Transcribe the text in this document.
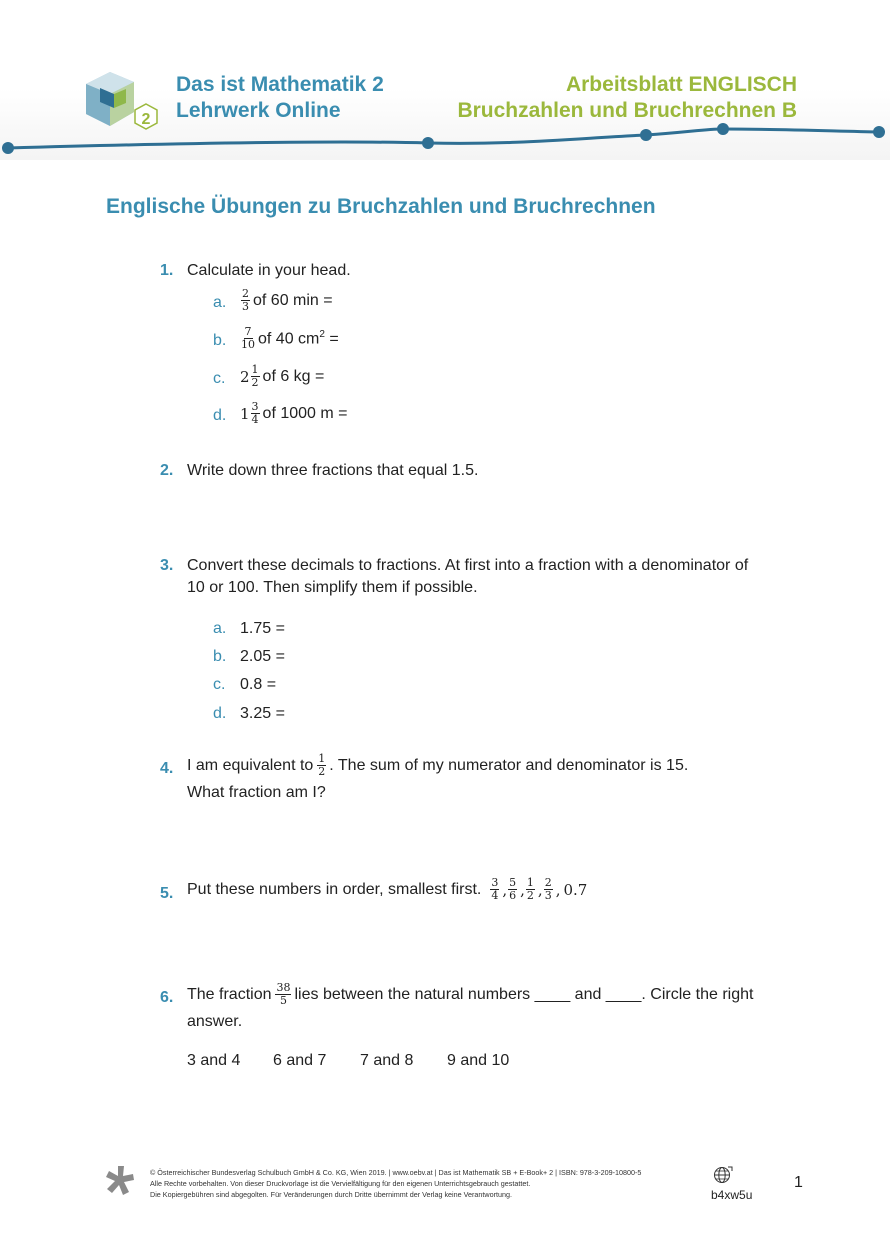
2
Das ist Mathematik 2
Lehrwerk Online
Arbeitsblatt ENGLISCH
Bruchzahlen und Bruchrechnen B
Englische Übungen zu Bruchzahlen und Bruchrechnen
1. Calculate in your head.
a. $\frac{2}{3}$ of 60 min =
b. $\frac{7}{10}$ of 40 $cm^2$ =
c. $2 \frac{1}{2}$ of 6 kg =
d. $1 \frac{3}{4}$ of 1000 m =
2. Write down three fractions that equal 1.5.
3. Convert these decimals to fractions. At first into a fraction with a denominator of
10 or 100. Then simplify them if possible.
a. 1.75 =
b. 2.05 =
c. 0.8 =
d. 3.25 =
4. I am equivalent to $\frac{1}{2}$ . The sum of my numerator and denominator is 15.
What fraction am I?
5. Put these numbers in order, smallest first. $\frac{3}{4}$ , $\frac{5}{6}$ , $\frac{1}{2}$ , $\frac{2}{3}$ , 0.7
6. The fraction $\frac{38}{5}$ lies between the natural numbers ____ and ____. Circle the right
answer.
3 and 4 6 and 7 7 and 8 9 and 10
© Österreichischer Bundesverlag Schulbuch GmbH & Co. KG, Wien 2019. | www.oebv.at | Das ist Mathematik SB + E-Book+ 2 | ISBN: 978-3-209-10800-5
Alle Rechte vorbehalten. Von dieser Druckvorlage ist die Vervielfältigung für den eigenen Unterrichtsgebrauch gestattet.
Die Kopiergebühren sind abgegolten. Für Veränderungen durch Dritte übernimmt der Verlag keine Verantwortung.	b4xw5u
1
